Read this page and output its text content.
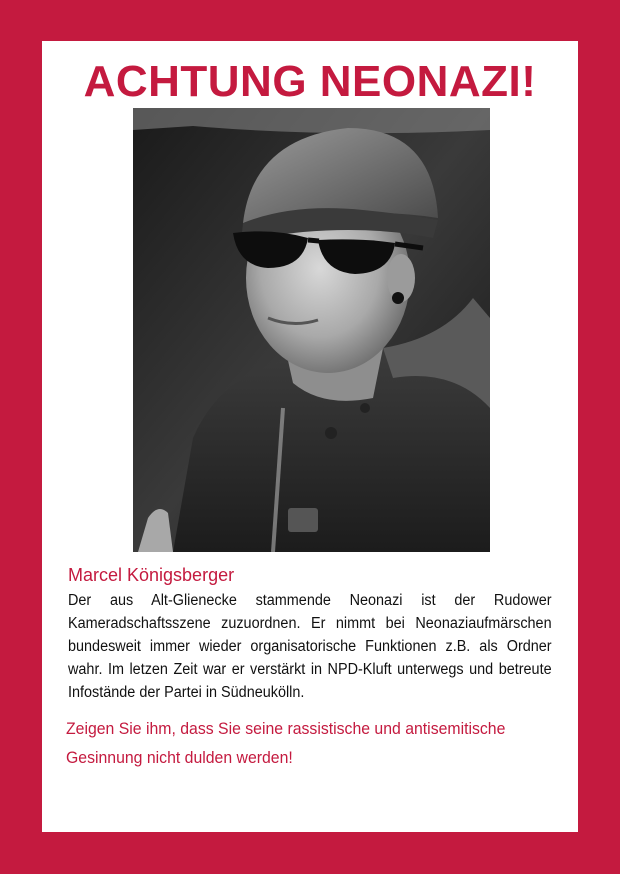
ACHTUNG NEONAZI!
Marcel Königsberger
Der aus Alt-Glienecke stammende Neonazi ist der Rudower Kameradschaftsszene zuzuordnen. Er nimmt bei Neonaziaufmärschen bundesweit immer wieder organisatorische Funktionen z.B. als Ordner wahr. Im letzen Zeit war er verstärkt in NPD-Kluft unterwegs und betreute Infostände der Partei in Südneukölln.
Zeigen Sie ihm, dass Sie seine rassistische und antisemitische Gesinnung nicht dulden werden!
